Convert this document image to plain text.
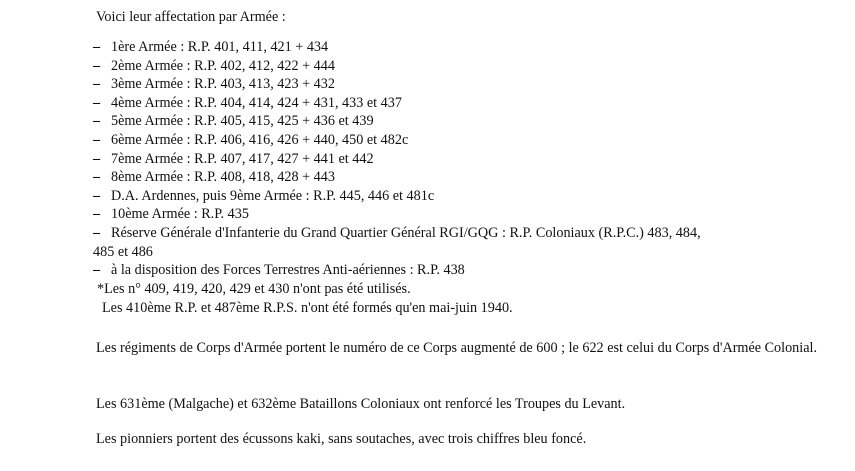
Voici leur affectation par Armée :
– 1ère Armée : R.P. 401, 411, 421 + 434
– 2ème Armée : R.P. 402, 412, 422 + 444
– 3ème Armée : R.P. 403, 413, 423 + 432
– 4ème Armée : R.P. 404, 414, 424 + 431, 433 et 437
– 5ème Armée : R.P. 405, 415, 425 + 436 et 439
– 6ème Armée : R.P. 406, 416, 426 + 440, 450 et 482c
– 7ème Armée : R.P. 407, 417, 427 + 441 et 442
– 8ème Armée : R.P. 408, 418, 428 + 443
– D.A. Ardennes, puis 9ème Armée : R.P. 445, 446 et 481c
– 10ème Armée : R.P. 435
– Réserve Générale d'Infanterie du Grand Quartier Général RGI/GQG : R.P. Coloniaux (R.P.C.) 483, 484,
485 et 486
– à la disposition des Forces Terrestres Anti-aériennes : R.P. 438
*Les n° 409, 419, 420, 429 et 430 n'ont pas été utilisés.
Les 410ème R.P. et 487ème R.P.S. n'ont été formés qu'en mai-juin 1940.
Les régiments de Corps d'Armée portent le numéro de ce Corps augmenté de 600 ; le 622 est celui du Corps d'Armée Colonial.
Les 631ème (Malgache) et 632ème Bataillons Coloniaux ont renforcé les Troupes du Levant.
Les pionniers portent des écussons kaki, sans soutaches, avec trois chiffres bleu foncé.
